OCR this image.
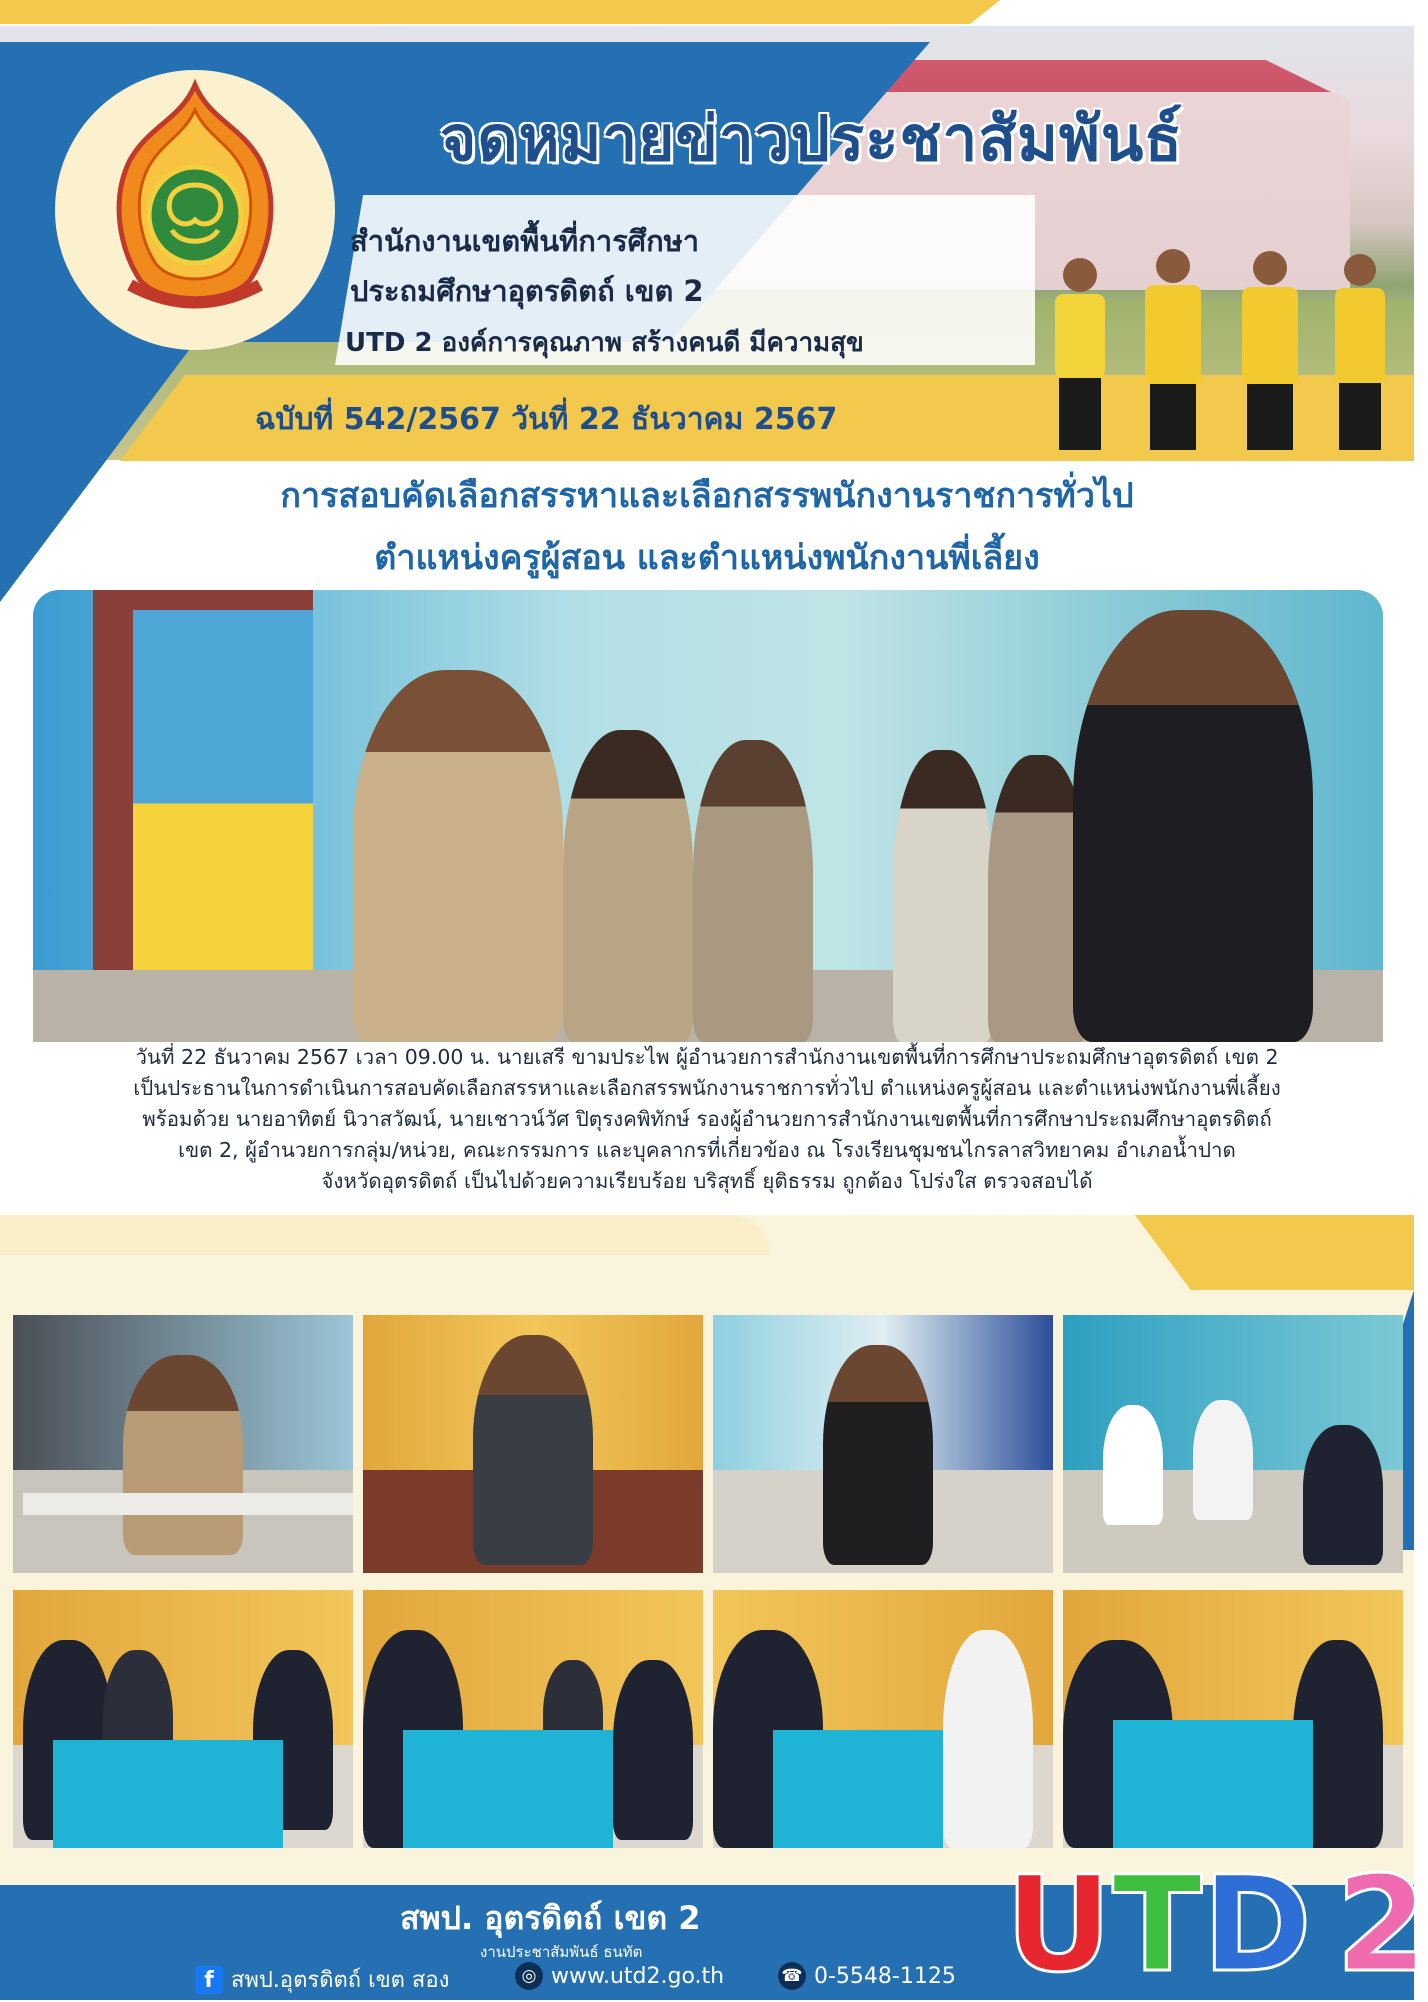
จดหมายข่าวประชาสัมพันธ์
สำนักงานเขตพื้นที่การศึกษา
ประถมศึกษาอุตรดิตถ์ เขต 2
UTD 2 องค์การคุณภาพ สร้างคนดี มีความสุข
ฉบับที่ 542/2567 วันที่ 22 ธันวาคม 2567
การสอบคัดเลือกสรรหาและเลือกสรรพนักงานราชการทั่วไป
ตำแหน่งครูผู้สอน และตำแหน่งพนักงานพี่เลี้ยง

วันที่ 22 ธันวาคม 2567 เวลา 09.00 น. นายเสรี ขามประไพ ผู้อำนวยการสำนักงานเขตพื้นที่การศึกษาประถมศึกษาอุตรดิตถ์ เขต 2

เป็นประธานในการดำเนินการสอบคัดเลือกสรรหาและเลือกสรรพนักงานราชการทั่วไป ตำแหน่งครูผู้สอน และตำแหน่งพนักงานพี่เลี้ยง

พร้อมด้วย นายอาทิตย์ นิวาสวัฒน์, นายเชาวน์วัศ ปิตุรงคพิทักษ์ รองผู้อำนวยการสำนักงานเขตพื้นที่การศึกษาประถมศึกษาอุตรดิตถ์

เขต 2, ผู้อำนวยการกลุ่ม/หน่วย, คณะกรรมการ และบุคลากรที่เกี่ยวข้อง ณ โรงเรียนชุมชนไกรลาสวิทยาคม อำเภอน้ำปาด

จังหวัดอุตรดิตถ์ เป็นไปด้วยความเรียบร้อย บริสุทธิ์ ยุติธรรม ถูกต้อง โปร่งใส ตรวจสอบได้

สพป. อุตรดิตถ์ เขต 2
งานประชาสัมพันธ์ ธนทัต
f สพป.อุตรดิตถ์ เขต สอง	◎ www.utd2.go.th	☎ 0-5548-1125 U T D 2
